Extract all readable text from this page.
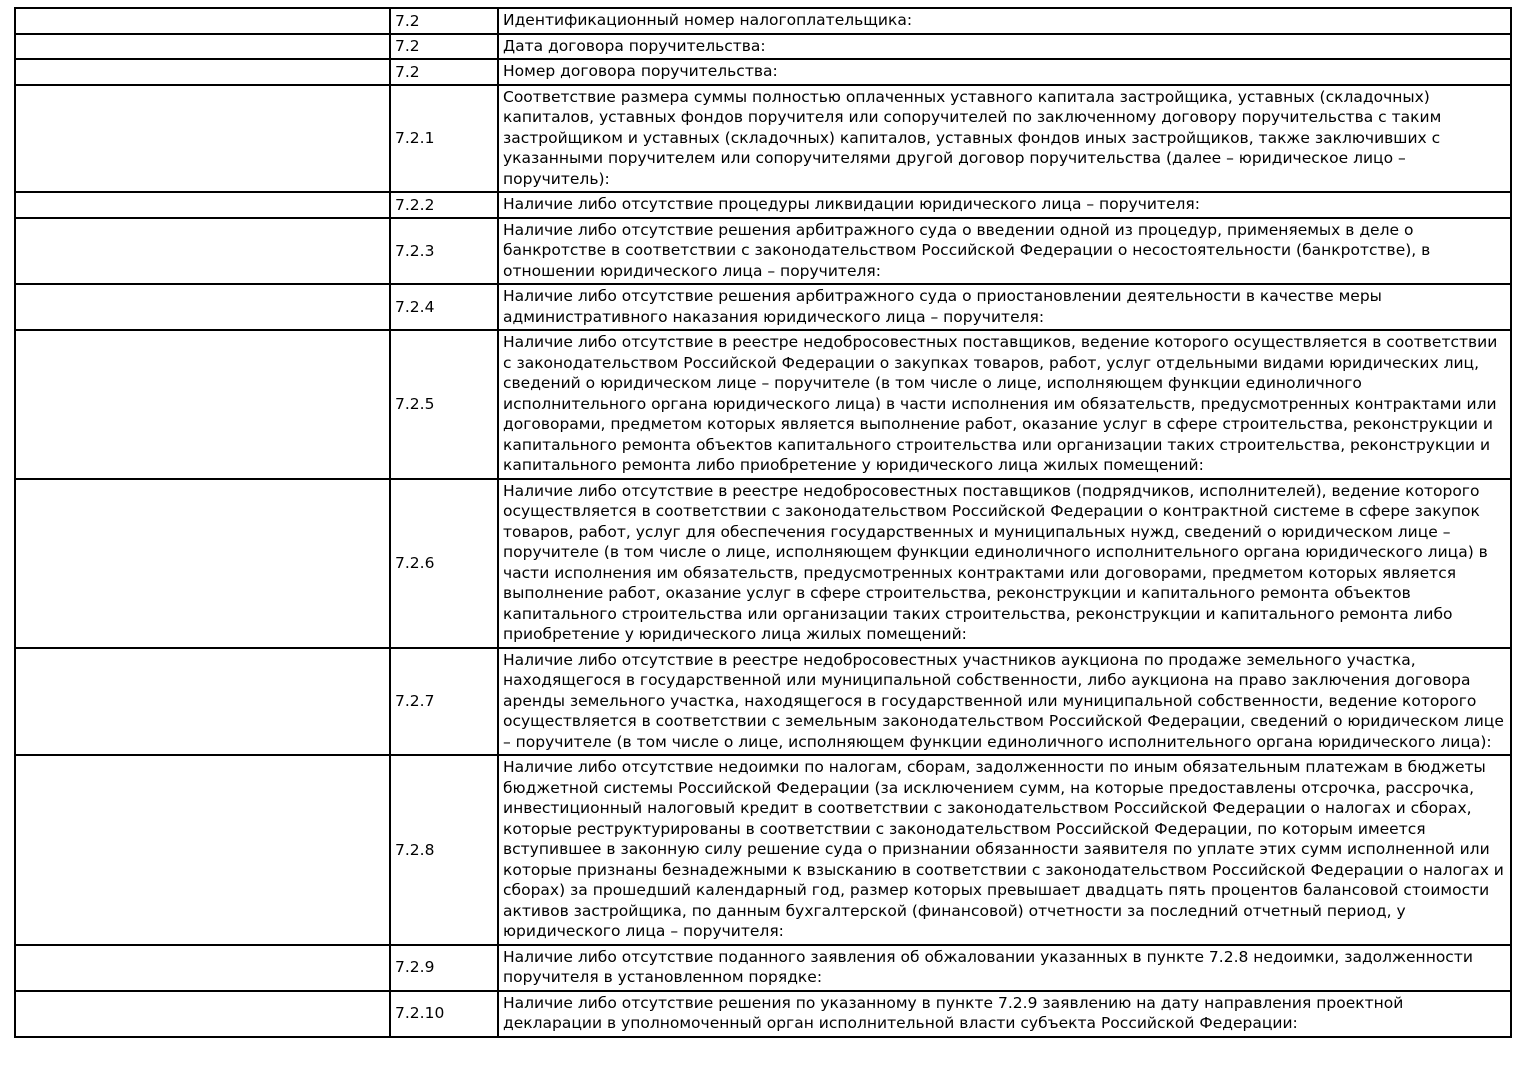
	7.2	Идентификационный номер налогоплательщика:
	7.2	Дата договора поручительства:
	7.2	Номер договора поручительства:
	7.2.1	Соответствие размера суммы полностью оплаченных уставного капитала застройщика, уставных (складочных) капиталов, уставных фондов поручителя или сопоручителей по заключенному договору поручительства с таким застройщиком и уставных (складочных) капиталов, уставных фондов иных застройщиков, также заключивших с указанными поручителем или сопоручителями другой договор поручительства (далее – юридическое лицо – поручитель):
	7.2.2	Наличие либо отсутствие процедуры ликвидации юридического лица – поручителя:
	7.2.3	Наличие либо отсутствие решения арбитражного суда о введении одной из процедур, применяемых в деле о банкротстве в соответствии с законодательством Российской Федерации о несостоятельности (банкротстве), в отношении юридического лица – поручителя:
	7.2.4	Наличие либо отсутствие решения арбитражного суда о приостановлении деятельности в качестве меры административного наказания юридического лица – поручителя:
	7.2.5	Наличие либо отсутствие в реестре недобросовестных поставщиков, ведение которого осуществляется в соответствии с законодательством Российской Федерации о закупках товаров, работ, услуг отдельными видами юридических лиц, сведений о юридическом лице – поручителе (в том числе о лице, исполняющем функции единоличного исполнительного органа юридического лица) в части исполнения им обязательств, предусмотренных контрактами или договорами, предметом которых является выполнение работ, оказание услуг в сфере строительства, реконструкции и капитального ремонта объектов капитального строительства или организации таких строительства, реконструкции и капитального ремонта либо приобретение у юридического лица жилых помещений:
	7.2.6	Наличие либо отсутствие в реестре недобросовестных поставщиков (подрядчиков, исполнителей), ведение которого осуществляется в соответствии с законодательством Российской Федерации о контрактной системе в сфере закупок товаров, работ, услуг для обеспечения государственных и муниципальных нужд, сведений о юридическом лице – поручителе (в том числе о лице, исполняющем функции единоличного исполнительного органа юридического лица) в части исполнения им обязательств, предусмотренных контрактами или договорами, предметом которых является выполнение работ, оказание услуг в сфере строительства, реконструкции и капитального ремонта объектов капитального строительства или организации таких строительства, реконструкции и капитального ремонта либо приобретение у юридического лица жилых помещений:
	7.2.7	Наличие либо отсутствие в реестре недобросовестных участников аукциона по продаже земельного участка, находящегося в государственной или муниципальной собственности, либо аукциона на право заключения договора аренды земельного участка, находящегося в государственной или муниципальной собственности, ведение которого осуществляется в соответствии с земельным законодательством Российской Федерации, сведений о юридическом лице – поручителе (в том числе о лице, исполняющем функции единоличного исполнительного органа юридического лица):
	7.2.8	Наличие либо отсутствие недоимки по налогам, сборам, задолженности по иным обязательным платежам в бюджеты бюджетной системы Российской Федерации (за исключением сумм, на которые предоставлены отсрочка, рассрочка, инвестиционный налоговый кредит в соответствии с законодательством Российской Федерации о налогах и сборах, которые реструктурированы в соответствии с законодательством Российской Федерации, по которым имеется вступившее в законную силу решение суда о признании обязанности заявителя по уплате этих сумм исполненной или которые признаны безнадежными к взысканию в соответствии с законодательством Российской Федерации о налогах и сборах) за прошедший календарный год, размер которых превышает двадцать пять процентов балансовой стоимости активов застройщика, по данным бухгалтерской (финансовой) отчетности за последний отчетный период, у юридического лица – поручителя:
	7.2.9	Наличие либо отсутствие поданного заявления об обжаловании указанных в пункте 7.2.8 недоимки, задолженности поручителя в установленном порядке:
	7.2.10	Наличие либо отсутствие решения по указанному в пункте 7.2.9 заявлению на дату направления проектной декларации в уполномоченный орган исполнительной власти субъекта Российской Федерации:
